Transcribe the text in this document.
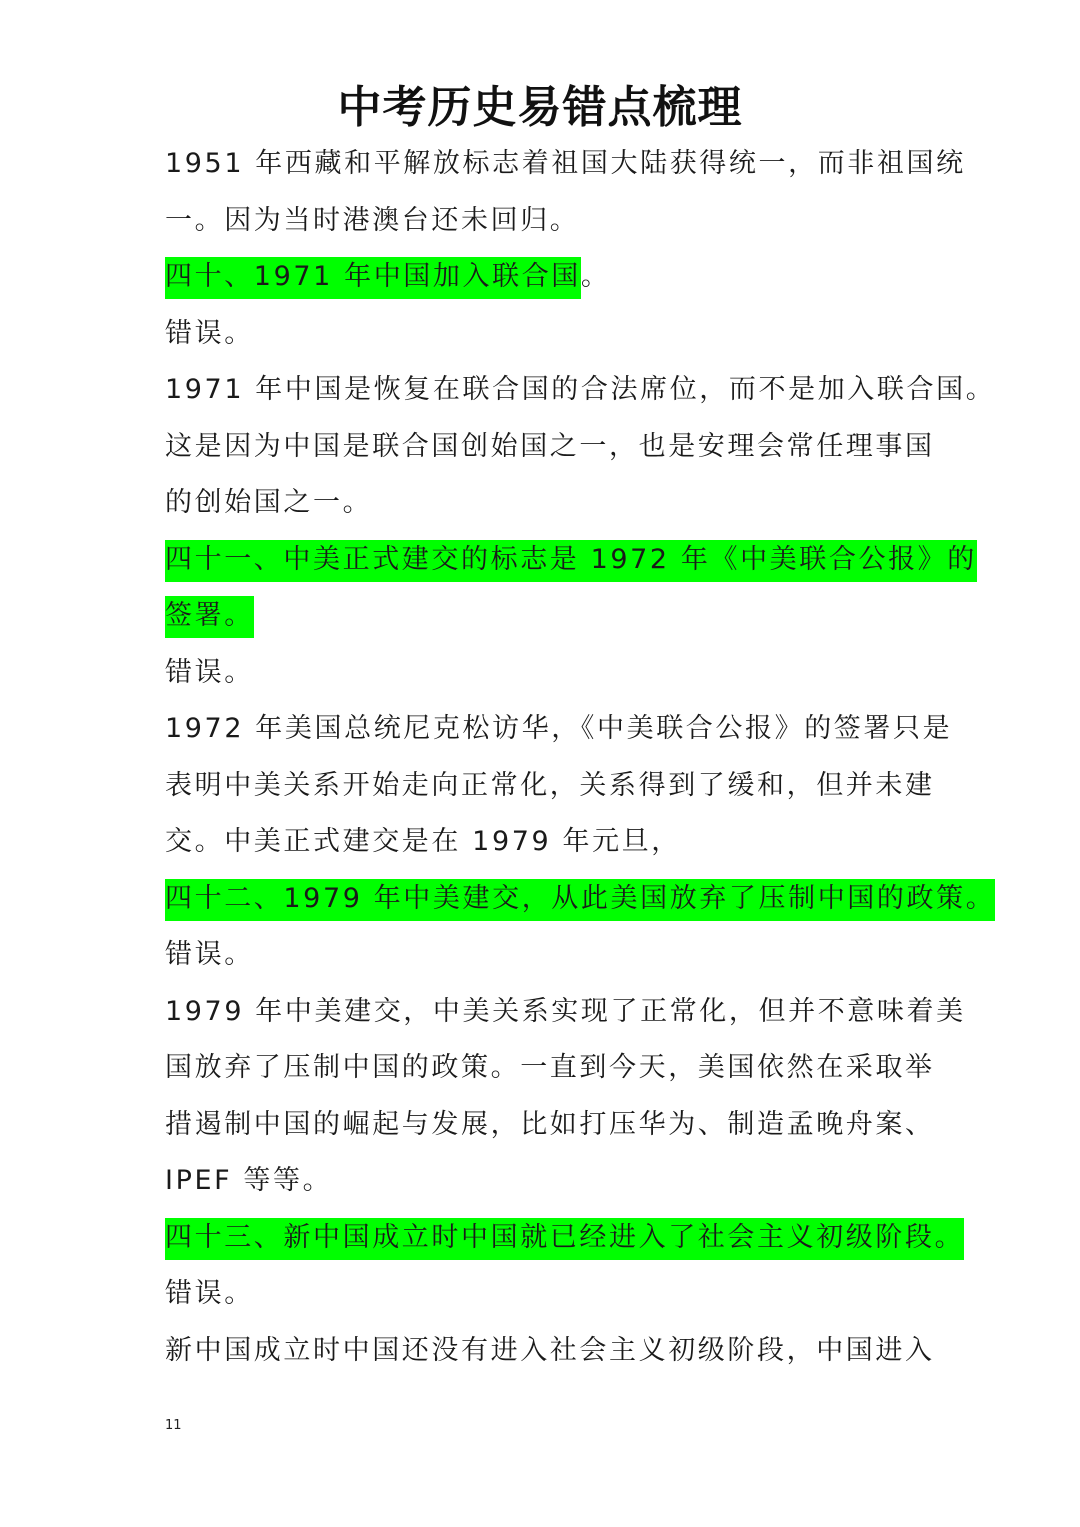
中考历史易错点梳理
1951 年西藏和平解放标志着祖国大陆获得统一，而非祖国统
一。因为当时港澳台还未回归。
四十、1971 年中国加入联合国。
错误。
1971 年中国是恢复在联合国的合法席位，而不是加入联合国。
这是因为中国是联合国创始国之一，也是安理会常任理事国
的创始国之一。
四十一、中美正式建交的标志是 1972 年《中美联合公报》的
签署。
错误。
1972 年美国总统尼克松访华，《中美联合公报》的签署只是
表明中美关系开始走向正常化，关系得到了缓和，但并未建
交。中美正式建交是在 1979 年元旦，
四十二、1979 年中美建交，从此美国放弃了压制中国的政策。
错误。
1979 年中美建交，中美关系实现了正常化，但并不意味着美
国放弃了压制中国的政策。一直到今天，美国依然在采取举
措遏制中国的崛起与发展，比如打压华为、制造孟晚舟案、
IPEF 等等。
四十三、新中国成立时中国就已经进入了社会主义初级阶段。
错误。
新中国成立时中国还没有进入社会主义初级阶段，中国进入
11
